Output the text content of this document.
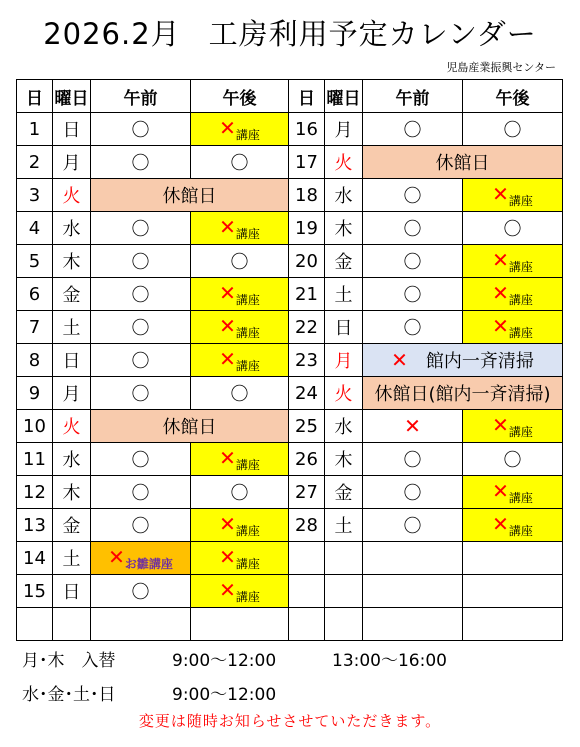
2026.2月 工房利用予定カレンダー
児島産業振興センター
日	曜日	午前	午後	日	曜日	午前	午後
1	日	〇	$✕_{講座}$	16	月	〇	〇
2	月	〇	〇	17	火	休館日	
3	火	休館日		18	水	〇	$✕_{講座}$
4	水	〇	$✕_{講座}$	19	木	〇	〇
5	木	〇	〇	20	金	〇	$✕_{講座}$
6	金	〇	$✕_{講座}$	21	土	〇	$✕_{講座}$
7	土	〇	$✕_{講座}$	22	日	〇	$✕_{講座}$
8	日	〇	$✕_{講座}$	23	月	✕　 館内一斉清掃	
9	月	〇	〇	24	火	休館日(館内一斉清掃)	
10	火	休館日		25	水	✕	$✕_{講座}$
11	水	〇	$✕_{講座}$	26	木	〇	〇
12	木	〇	〇	27	金	〇	$✕_{講座}$
13	金	〇	$✕_{講座}$	28	土	〇	$✕_{講座}$
14	土	$✕_{お雛講座}$	$✕_{講座}$				
15	日	〇	$✕_{講座}$				

月･木　入替	9:00～12:00	13:00～16:00
水･金･土･日	9:00～12:00
変更は随時お知らせさせていただきます。
